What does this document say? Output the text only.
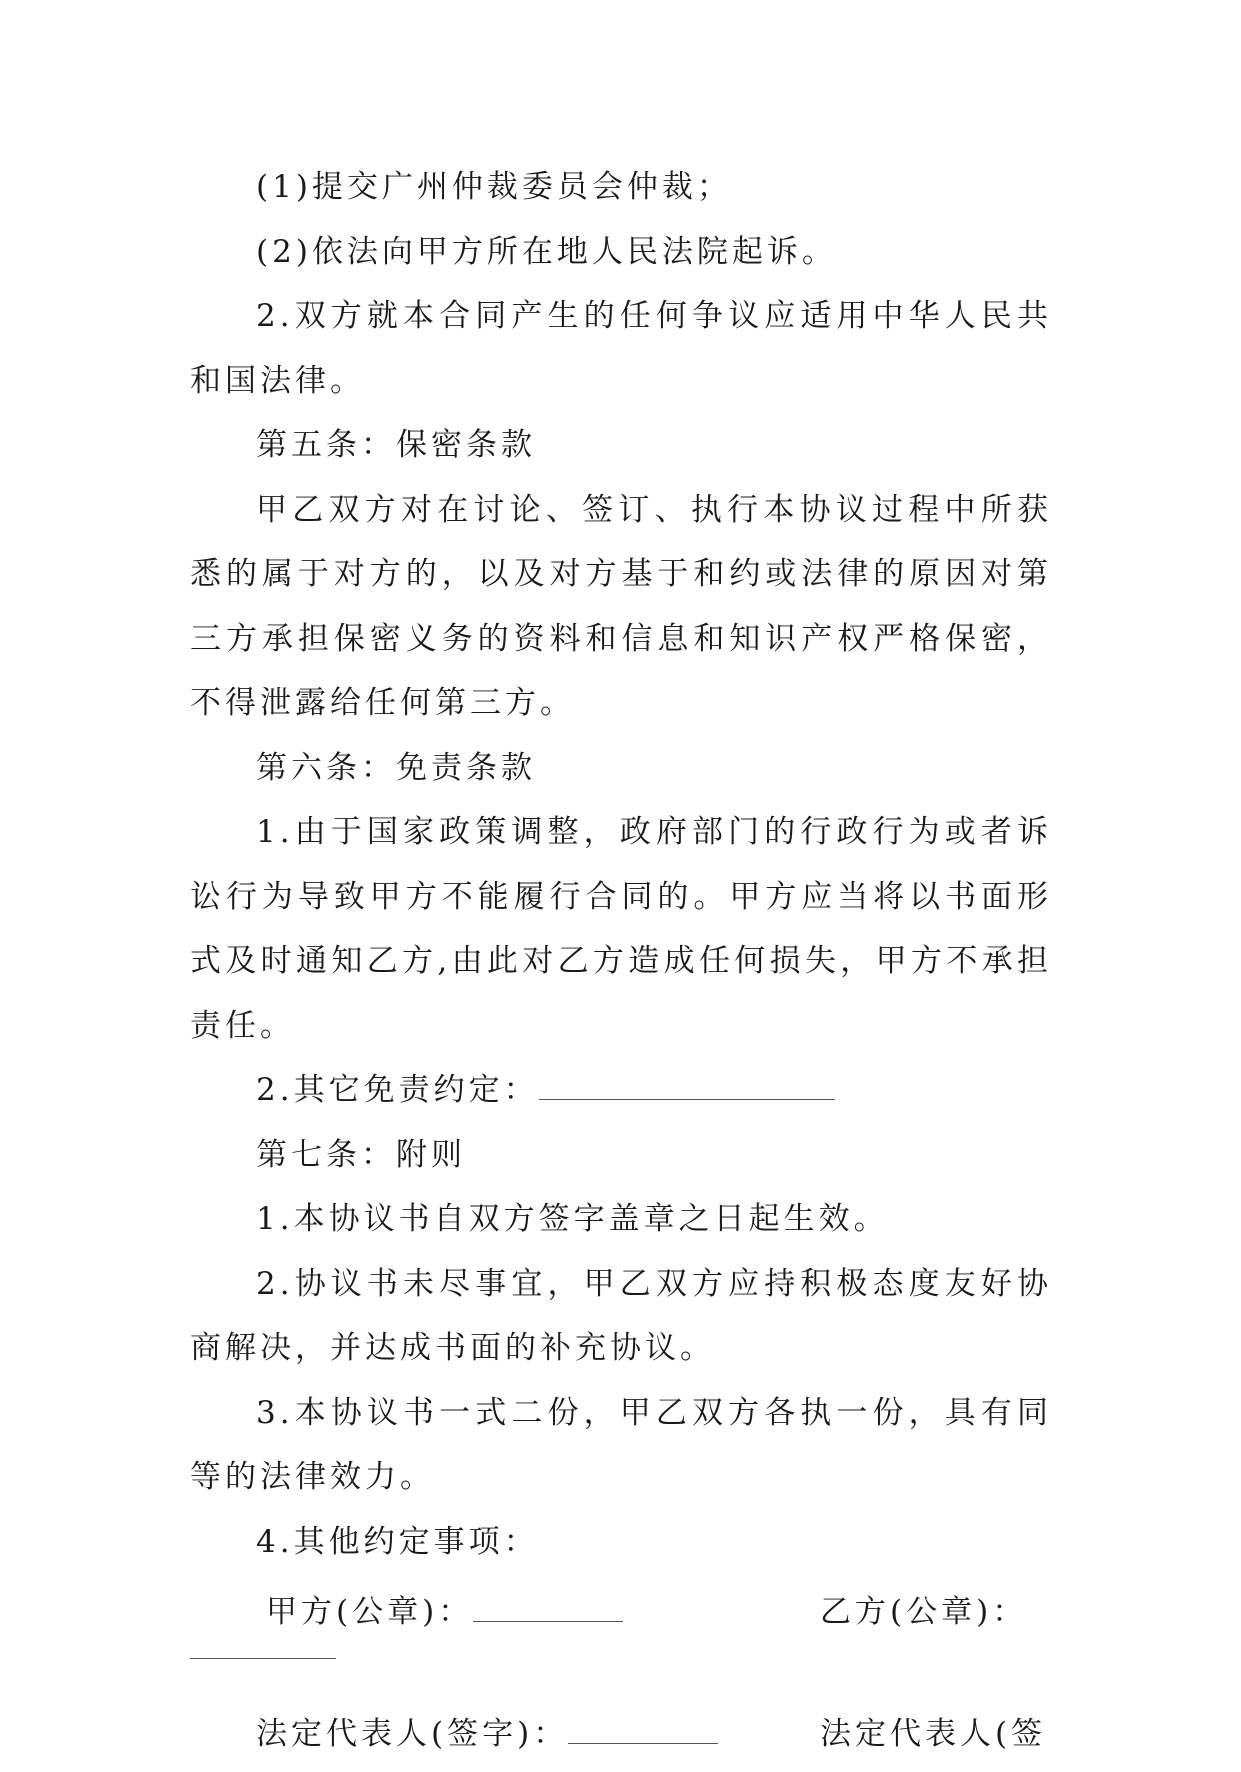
(1)提交广州仲裁委员会仲裁；

(2)依法向甲方所在地人民法院起诉。

2.双方就本合同产生的任何争议应适用中华人民共和国法律。

第五条：保密条款

甲乙双方对在讨论、签订、执行本协议过程中所获悉的属于对方的，以及对方基于和约或法律的原因对第三方承担保密义务的资料和信息和知识产权严格保密，不得泄露给任何第三方。

第六条：免责条款

1.由于国家政策调整，政府部门的行政行为或者诉讼行为导致甲方不能履行合同的。甲方应当将以书面形式及时通知乙方,由此对乙方造成任何损失，甲方不承担责任。

2.其它免责约定：

第七条：附则

1.本协议书自双方签字盖章之日起生效。

2.协议书未尽事宜，甲乙双方应持积极态度友好协商解决，并达成书面的补充协议。

3.本协议书一式二份，甲乙双方各执一份，具有同等的法律效力。

4.其他约定事项：

甲方(公章)：	乙方(公章)：
法定代表人(签字)：	法定代表人(签
